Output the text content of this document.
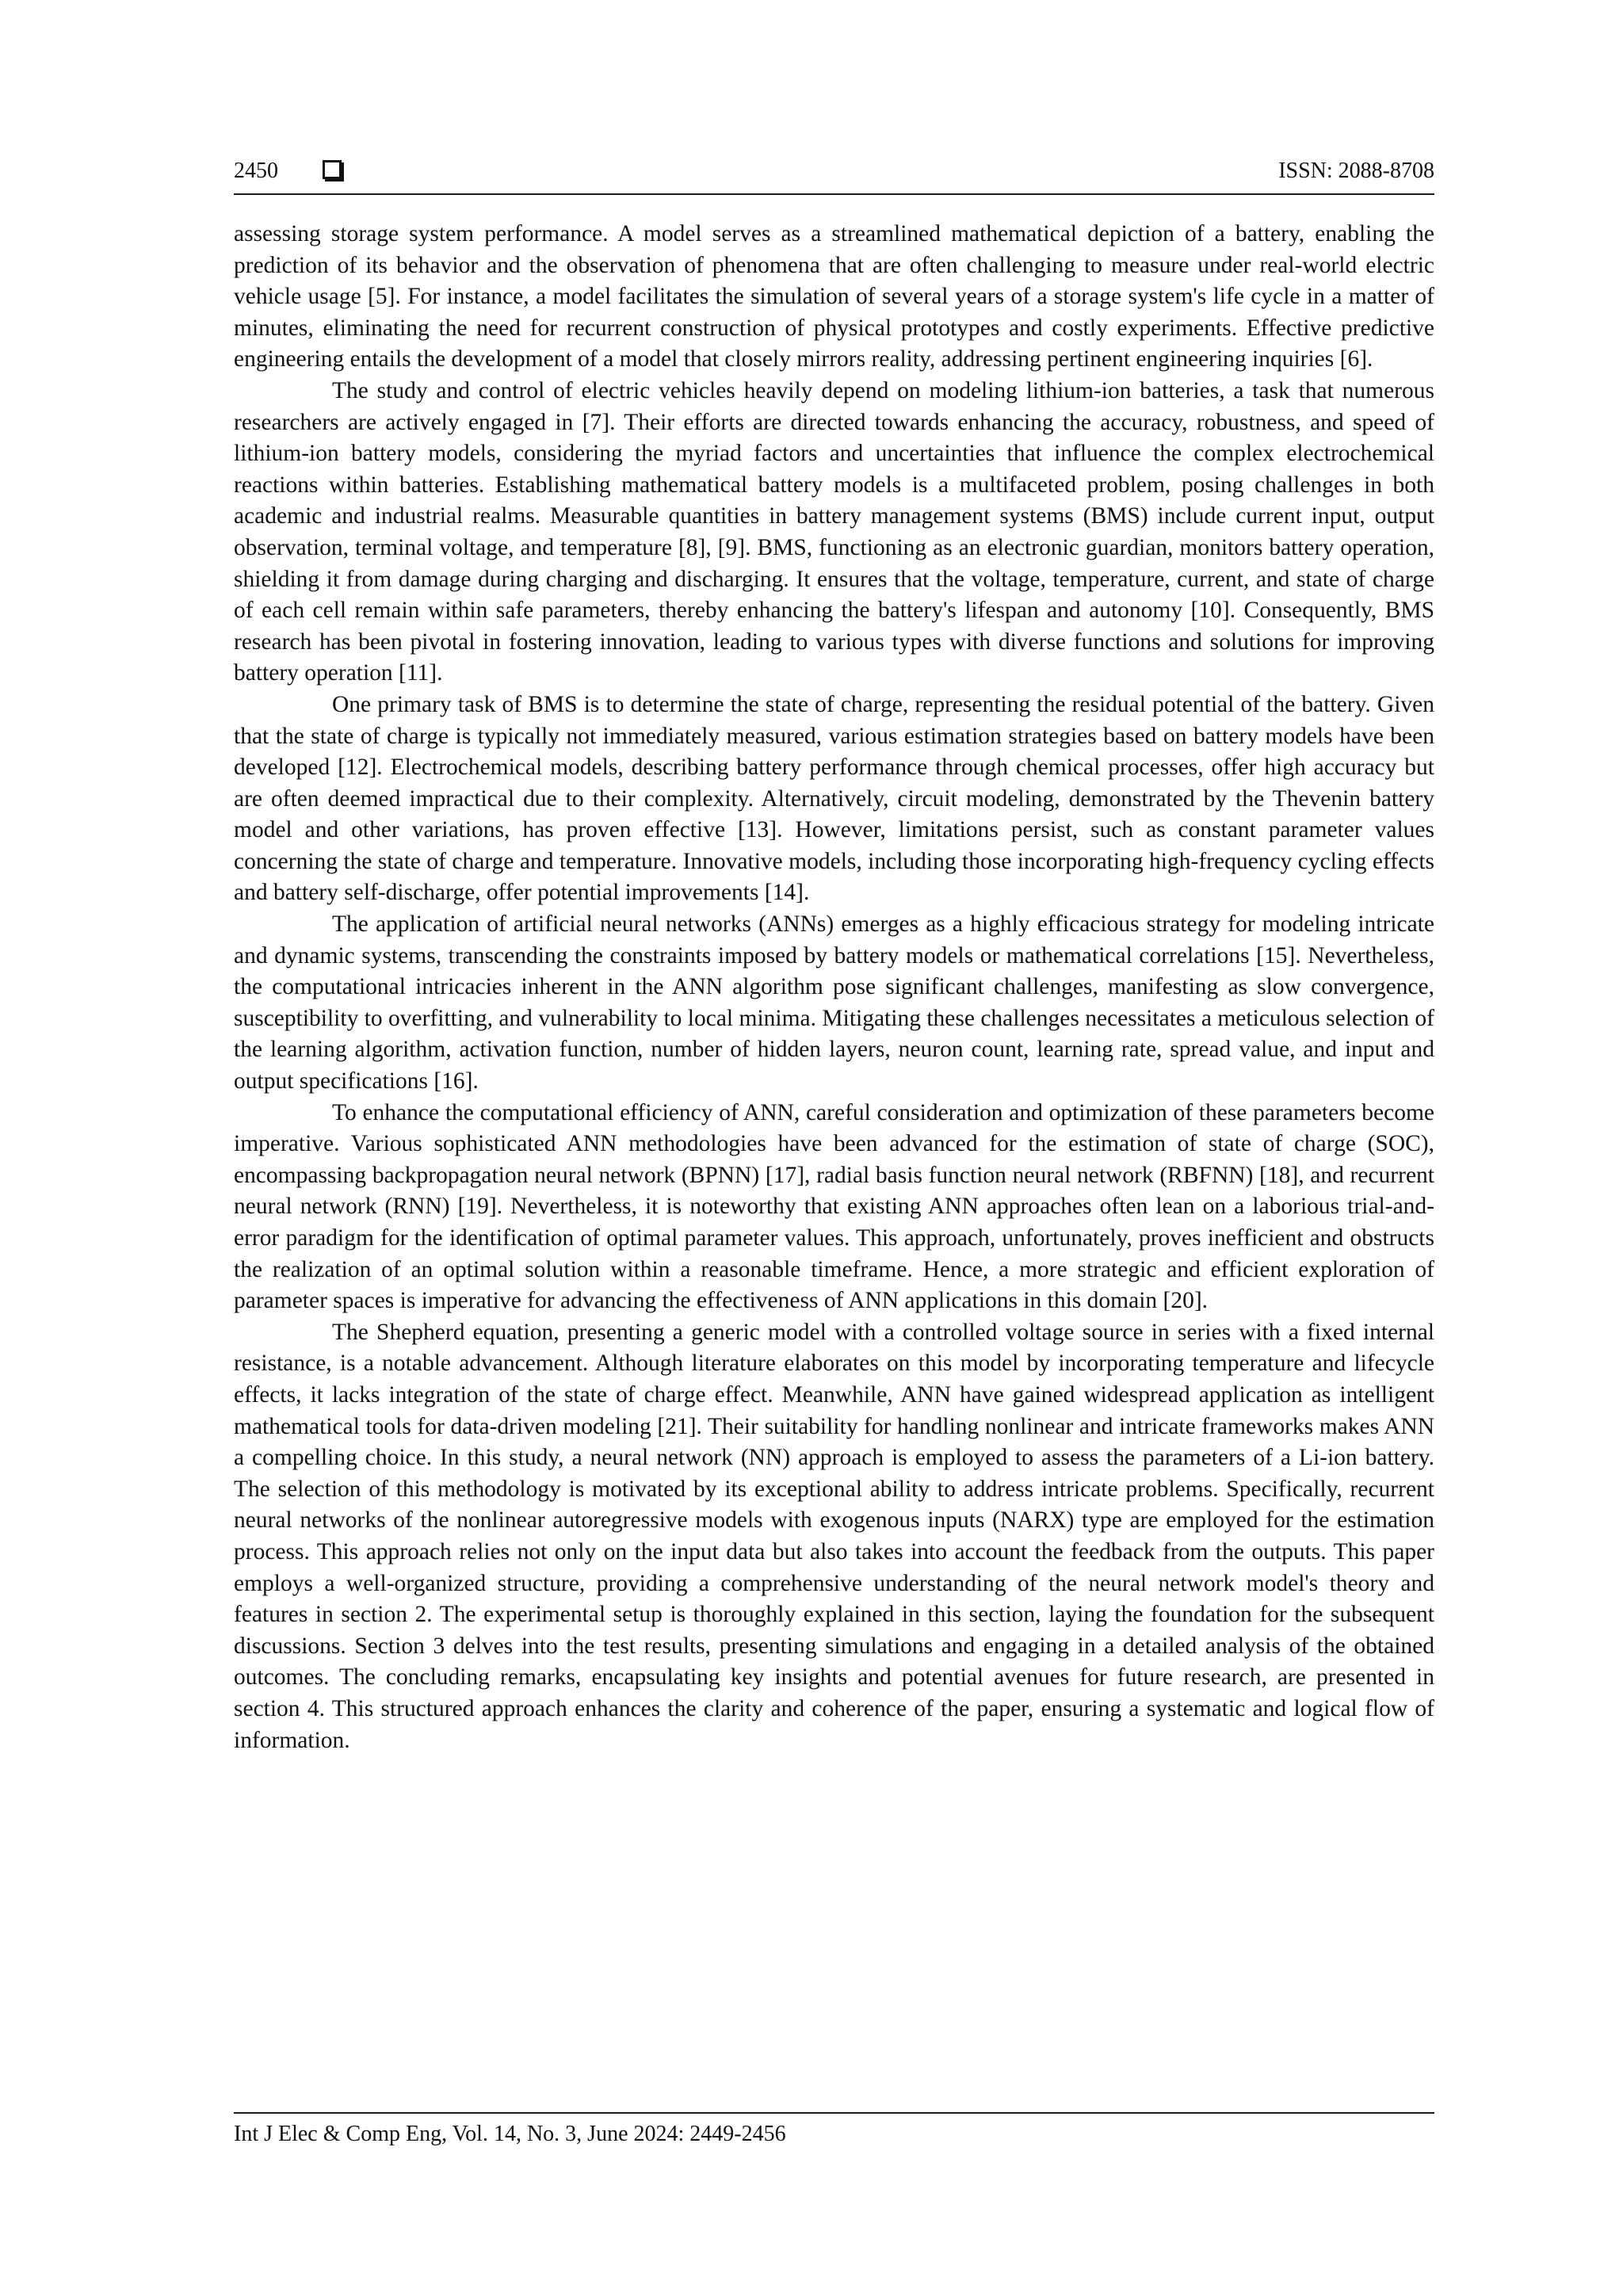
2450	ISSN: 2088-8708

assessing storage system performance. A model serves as a streamlined mathematical depiction of a battery, enabling the prediction of its behavior and the observation of phenomena that are often challenging to measure under real-world electric vehicle usage [5]. For instance, a model facilitates the simulation of several years of a storage system's life cycle in a matter of minutes, eliminating the need for recurrent construction of physical prototypes and costly experiments. Effective predictive engineering entails the development of a model that closely mirrors reality, addressing pertinent engineering inquiries [6].

The study and control of electric vehicles heavily depend on modeling lithium-ion batteries, a task that numerous researchers are actively engaged in [7]. Their efforts are directed towards enhancing the accuracy, robustness, and speed of lithium-ion battery models, considering the myriad factors and uncertainties that influence the complex electrochemical reactions within batteries. Establishing mathematical battery models is a multifaceted problem, posing challenges in both academic and industrial realms. Measurable quantities in battery management systems (BMS) include current input, output observation, terminal voltage, and temperature [8], [9]. BMS, functioning as an electronic guardian, monitors battery operation, shielding it from damage during charging and discharging. It ensures that the voltage, temperature, current, and state of charge of each cell remain within safe parameters, thereby enhancing the battery's lifespan and autonomy [10]. Consequently, BMS research has been pivotal in fostering innovation, leading to various types with diverse functions and solutions for improving battery operation [11].

One primary task of BMS is to determine the state of charge, representing the residual potential of the battery. Given that the state of charge is typically not immediately measured, various estimation strategies based on battery models have been developed [12]. Electrochemical models, describing battery performance through chemical processes, offer high accuracy but are often deemed impractical due to their complexity. Alternatively, circuit modeling, demonstrated by the Thevenin battery model and other variations, has proven effective [13]. However, limitations persist, such as constant parameter values concerning the state of charge and temperature. Innovative models, including those incorporating high-frequency cycling effects and battery self-discharge, offer potential improvements [14].

The application of artificial neural networks (ANNs) emerges as a highly efficacious strategy for modeling intricate and dynamic systems, transcending the constraints imposed by battery models or mathematical correlations [15]. Nevertheless, the computational intricacies inherent in the ANN algorithm pose significant challenges, manifesting as slow convergence, susceptibility to overfitting, and vulnerability to local minima. Mitigating these challenges necessitates a meticulous selection of the learning algorithm, activation function, number of hidden layers, neuron count, learning rate, spread value, and input and output specifications [16].

To enhance the computational efficiency of ANN, careful consideration and optimization of these parameters become imperative. Various sophisticated ANN methodologies have been advanced for the estimation of state of charge (SOC), encompassing backpropagation neural network (BPNN) [17], radial basis function neural network (RBFNN) [18], and recurrent neural network (RNN) [19]. Nevertheless, it is noteworthy that existing ANN approaches often lean on a laborious trial-and-error paradigm for the identification of optimal parameter values. This approach, unfortunately, proves inefficient and obstructs the realization of an optimal solution within a reasonable timeframe. Hence, a more strategic and efficient exploration of parameter spaces is imperative for advancing the effectiveness of ANN applications in this domain [20].

The Shepherd equation, presenting a generic model with a controlled voltage source in series with a fixed internal resistance, is a notable advancement. Although literature elaborates on this model by incorporating temperature and lifecycle effects, it lacks integration of the state of charge effect. Meanwhile, ANN have gained widespread application as intelligent mathematical tools for data-driven modeling [21]. Their suitability for handling nonlinear and intricate frameworks makes ANN a compelling choice. In this study, a neural network (NN) approach is employed to assess the parameters of a Li-ion battery. The selection of this methodology is motivated by its exceptional ability to address intricate problems. Specifically, recurrent neural networks of the nonlinear autoregressive models with exogenous inputs (NARX) type are employed for the estimation process. This approach relies not only on the input data but also takes into account the feedback from the outputs. This paper employs a well-organized structure, providing a comprehensive understanding of the neural network model's theory and features in section 2. The experimental setup is thoroughly explained in this section, laying the foundation for the subsequent discussions. Section 3 delves into the test results, presenting simulations and engaging in a detailed analysis of the obtained outcomes. The concluding remarks, encapsulating key insights and potential avenues for future research, are presented in section 4. This structured approach enhances the clarity and coherence of the paper, ensuring a systematic and logical flow of information.

Int J Elec & Comp Eng, Vol. 14, No. 3, June 2024: 2449-2456
